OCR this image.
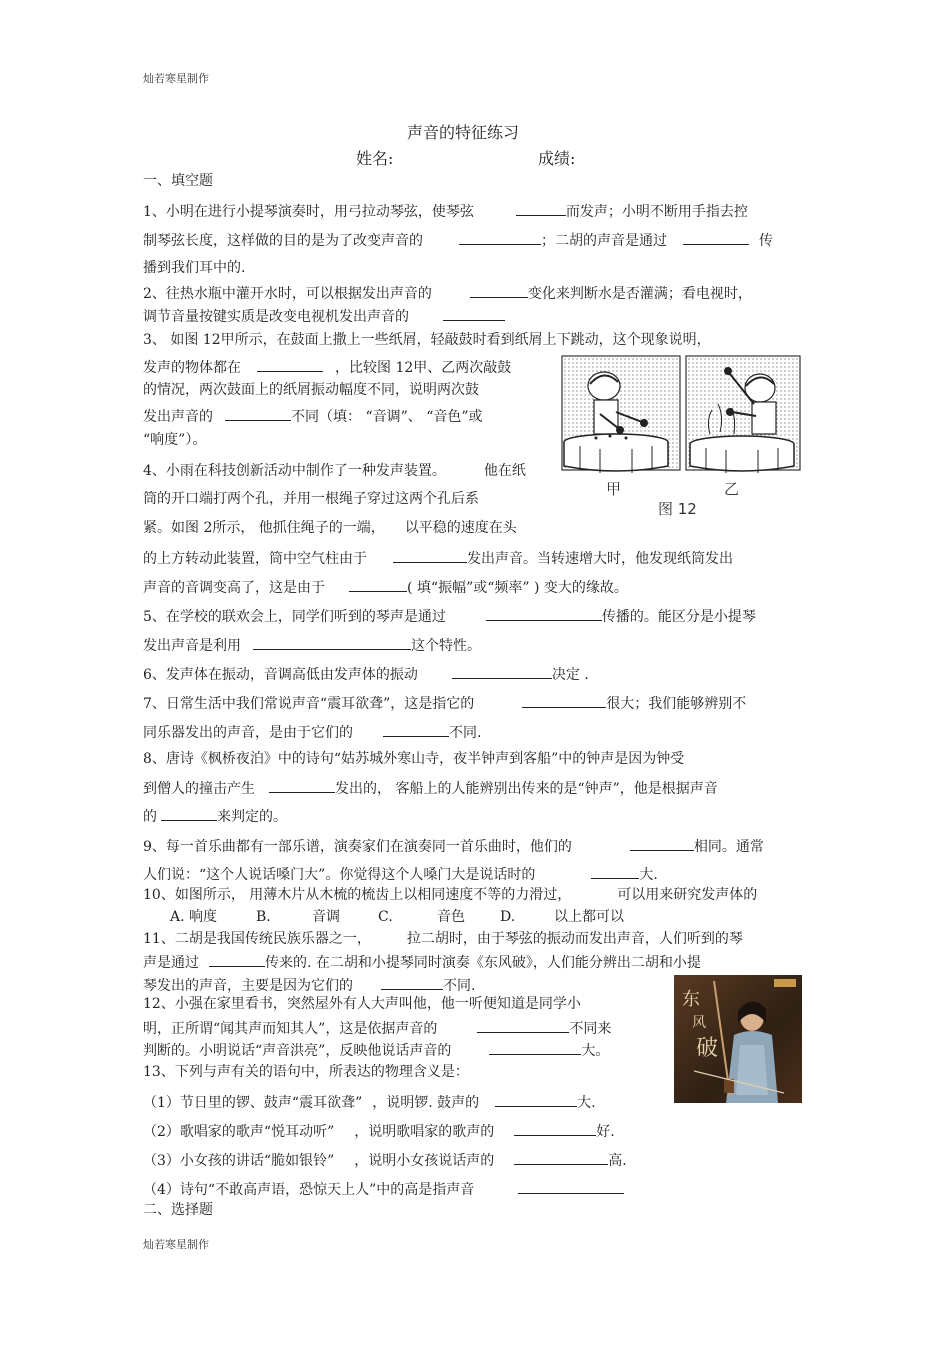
灿若寒星制作
声音的特征练习
姓名:	成绩:
一、填空题
1、小明在进行小提琴演奏时，用弓拉动琴弦，使琴弦	而发声；小明不断用手指去控
制琴弦长度，这样做的目的是为了改变声音的	；二胡的声音是通过	传
播到我们耳中的.
2、往热水瓶中灌开水时，可以根据发出声音的	变化来判断水是否灌满；看电视时，
调节音量按键实质是改变电视机发出声音的
3、 如图 12甲所示，在鼓面上撒上一些纸屑，轻敲鼓时看到纸屑上下跳动，这个现象说明，
发声的物体都在	，比较图 12甲、乙两次敲鼓
的情况，两次鼓面上的纸屑振动幅度不同，说明两次鼓
发出声音的	不同（填： “音调”、 “音色”或
“响度”）。
甲	乙
图 12
4、小雨在科技创新活动中制作了一种发声装置。	他在纸
筒的开口端打两个孔，并用一根绳子穿过这两个孔后系
紧。如图 2所示， 他抓住绳子的一端， 以平稳的速度在头
的上方转动此装置，筒中空气柱由于	发出声音。当转速增大时，他发现纸筒发出
声音的音调变高了，这是由于	( 填“振幅”或“频率” ) 变大的缘故。
5、在学校的联欢会上，同学们听到的琴声是通过	传播的。能区分是小提琴
发出声音是利用	这个特性。
6、发声体在振动，音调高低由发声体的振动	决定 .
7、日常生活中我们常说声音“震耳欲聋”，这是指它的	很大；我们能够辨别不
同乐器发出的声音，是由于它们的	不同.
8、唐诗《枫桥夜泊》中的诗句“姑苏城外寒山寺，夜半钟声到客船”中的钟声是因为钟受
到僧人的撞击产生	发出的， 客船上的人能辨别出传来的是“钟声”，他是根据声音
的	来判定的。
9、每一首乐曲都有一部乐谱，演奏家们在演奏同一首乐曲时，他们的	相同。通常
人们说：“这个人说话嗓门大”。你觉得这个人嗓门大是说话时的	大.
10、如图所示， 用薄木片从木梳的梳齿上以相同速度不等的力滑过，	可以用来研究发声体的
A. 响度	B.	音调	C.	音色	D.	以上都可以
11、二胡是我国传统民族乐器之一，	拉二胡时，由于琴弦的振动而发出声音，人们听到的琴
声是通过	传来的. 在二胡和小提琴同时演奏《东风破》，人们能分辨出二胡和小提
琴发出的声音，主要是因为它们的	不同.
东
风
破
12、小强在家里看书，突然屋外有人大声叫他，他一听便知道是同学小
明，正所谓“闻其声而知其人”，这是依据声音的	不同来
判断的。小明说话“声音洪亮”，反映他说话声音的	大。
13、下列与声有关的语句中，所表达的物理含义是：
（1）节日里的锣、鼓声“震耳欲聋” ，说明锣. 鼓声的	大.
（2）歌唱家的歌声“悦耳动听” ，说明歌唱家的歌声的	好.
（3）小女孩的讲话“脆如银铃” ，说明小女孩说话声的	高.
（4）诗句“不敢高声语，恐惊天上人”中的高是指声音
二、选择题
灿若寒星制作
